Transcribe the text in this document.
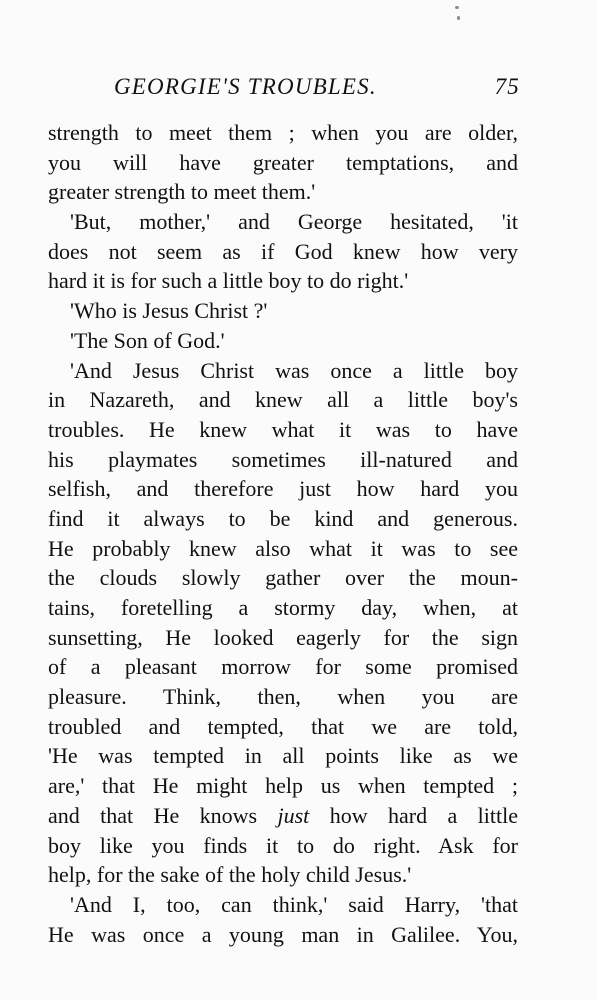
GEORGIE'S TROUBLES.	75
strength to meet them ; when you are older,
you will have greater temptations, and
greater strength to meet them.'
'But, mother,' and George hesitated, 'it
does not seem as if God knew how very
hard it is for such a little boy to do right.'
'Who is Jesus Christ ?'
'The Son of God.'
'And Jesus Christ was once a little boy
in Nazareth, and knew all a little boy's
troubles. He knew what it was to have
his playmates sometimes ill-natured and
selfish, and therefore just how hard you
find it always to be kind and generous.
He probably knew also what it was to see
the clouds slowly gather over the moun-
tains, foretelling a stormy day, when, at
sunsetting, He looked eagerly for the sign
of a pleasant morrow for some promised
pleasure. Think, then, when you are
troubled and tempted, that we are told,
'He was tempted in all points like as we
are,' that He might help us when tempted ;
and that He knows just how hard a little
boy like you finds it to do right. Ask for
help, for the sake of the holy child Jesus.'
'And I, too, can think,' said Harry, 'that
He was once a young man in Galilee. You,
